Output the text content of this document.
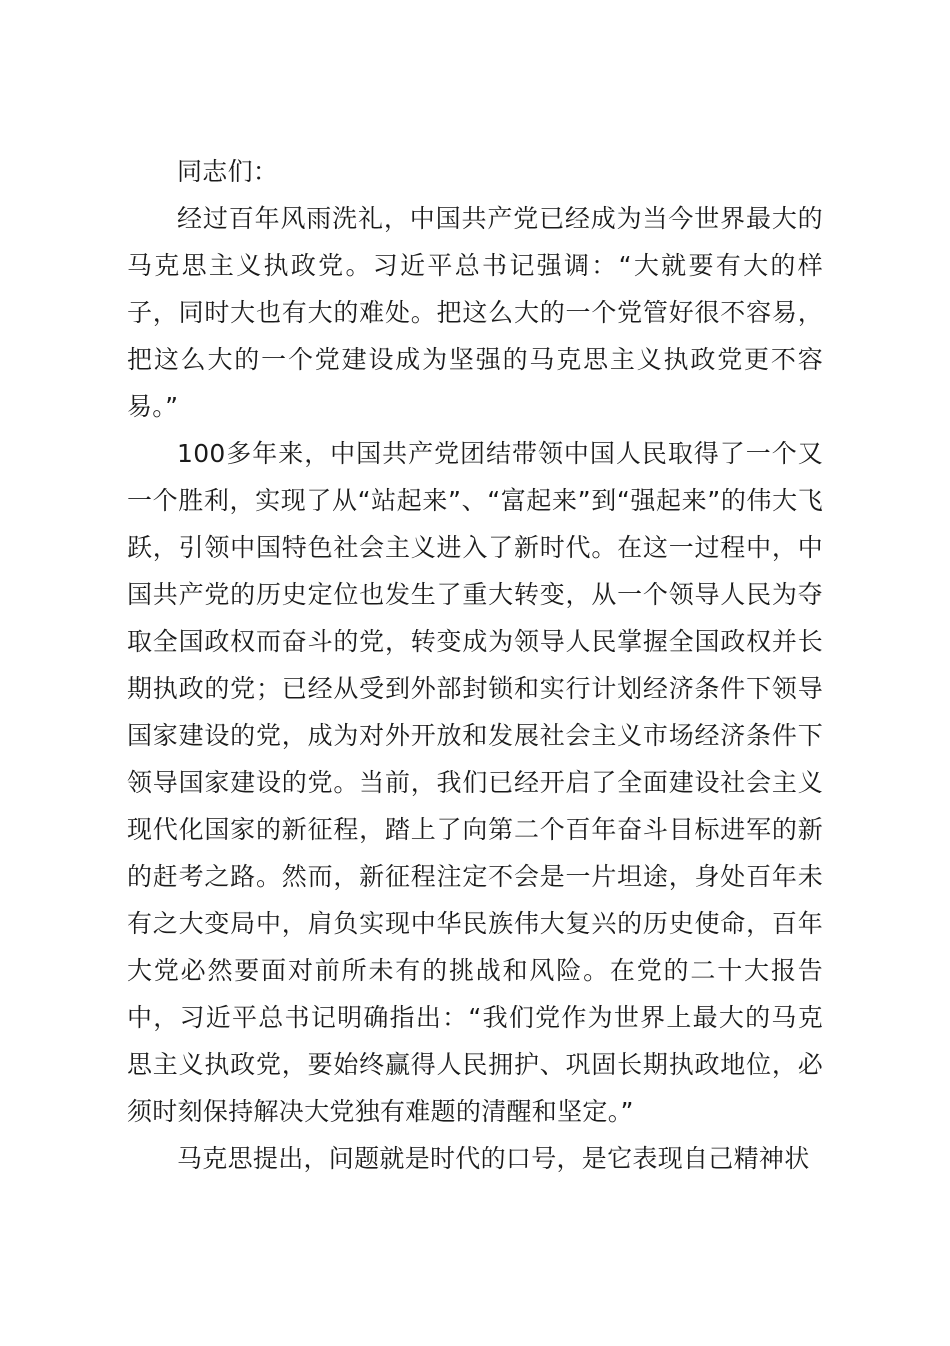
同志们：

经过百年风雨洗礼，中国共产党已经成为当今世界最大的马克思主义执政党。习近平总书记强调：“大就要有大的样子，同时大也有大的难处。把这么大的一个党管好很不容易，把这么大的一个党建设成为坚强的马克思主义执政党更不容易。”

100多年来，中国共产党团结带领中国人民取得了一个又一个胜利，实现了从“站起来”、“富起来”到“强起来”的伟大飞跃，引领中国特色社会主义进入了新时代。在这一过程中，中国共产党的历史定位也发生了重大转变，从一个领导人民为夺取全国政权而奋斗的党，转变成为领导人民掌握全国政权并长期执政的党；已经从受到外部封锁和实行计划经济条件下领导国家建设的党，成为对外开放和发展社会主义市场经济条件下领导国家建设的党。当前，我们已经开启了全面建设社会主义现代化国家的新征程，踏上了向第二个百年奋斗目标进军的新的赶考之路。然而，新征程注定不会是一片坦途，身处百年未有之大变局中，肩负实现中华民族伟大复兴的历史使命，百年大党必然要面对前所未有的挑战和风险。在党的二十大报告中，习近平总书记明确指出：“我们党作为世界上最大的马克思主义执政党，要始终赢得人民拥护、巩固长期执政地位，必须时刻保持解决大党独有难题的清醒和坚定。”

马克思提出，问题就是时代的口号，是它表现自己精神状
